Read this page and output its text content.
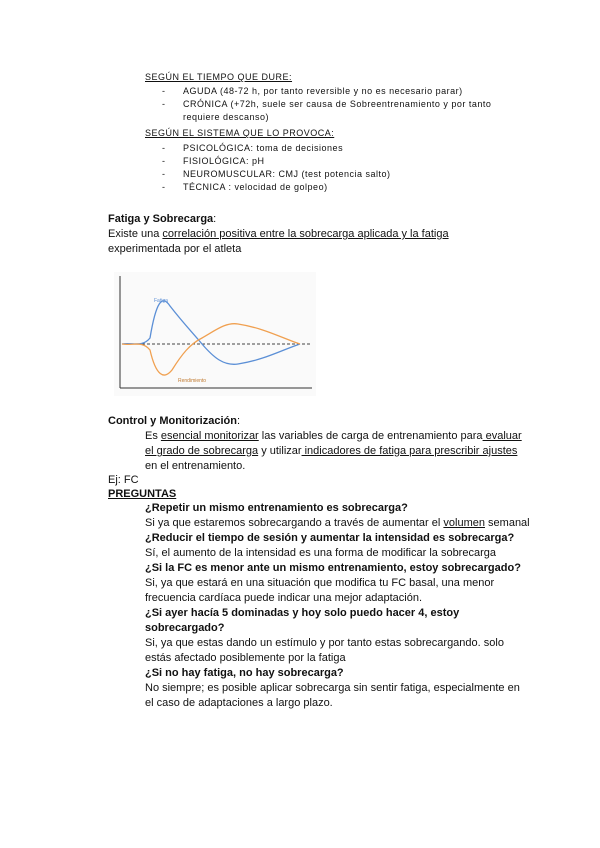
SEGÚN EL TIEMPO QUE DURE:
- AGUDA (48-72 h, por tanto reversible y no es necesario parar)
- CRÓNICA (+72h, suele ser causa de Sobreentrenamiento y por tanto requiere descanso)
SEGÚN EL SISTEMA QUE LO PROVOCA:
- PSICOLÓGICA: toma de decisiones
- FISIOLÓGICA: pH
- NEUROMUSCULAR: CMJ (test potencia salto)
- TÉCNICA : velocidad de golpeo)
Fatiga y Sobrecarga:
Existe una correlación positiva entre la sobrecarga aplicada y la fatiga
experimentada por el atleta
Fatiga
Rendimiento
Control y Monitorización:
Es esencial monitorizar las variables de carga de entrenamiento para evaluar el grado de sobrecarga y utilizar indicadores de fatiga para prescribir ajustes en el entrenamiento.
Ej: FC
PREGUNTAS
¿Repetir un mismo entrenamiento es sobrecarga?
Si ya que estaremos sobrecargando a través de aumentar el volumen semanal
¿Reducir el tiempo de sesión y aumentar la intensidad es sobrecarga?
Sí, el aumento de la intensidad es una forma de modificar la sobrecarga
¿Si la FC es menor ante un mismo entrenamiento, estoy sobrecargado?
Si, ya que estará en una situación que modifica tu FC basal, una menor frecuencia cardíaca puede indicar una mejor adaptación.
¿Si ayer hacía 5 dominadas y hoy solo puedo hacer 4, estoy sobrecargado?
Si, ya que estas dando un estímulo y por tanto estas sobrecargando. solo estás afectado posiblemente por la fatiga
¿Si no hay fatiga, no hay sobrecarga?
No siempre; es posible aplicar sobrecarga sin sentir fatiga, especialmente en el caso de adaptaciones a largo plazo.
